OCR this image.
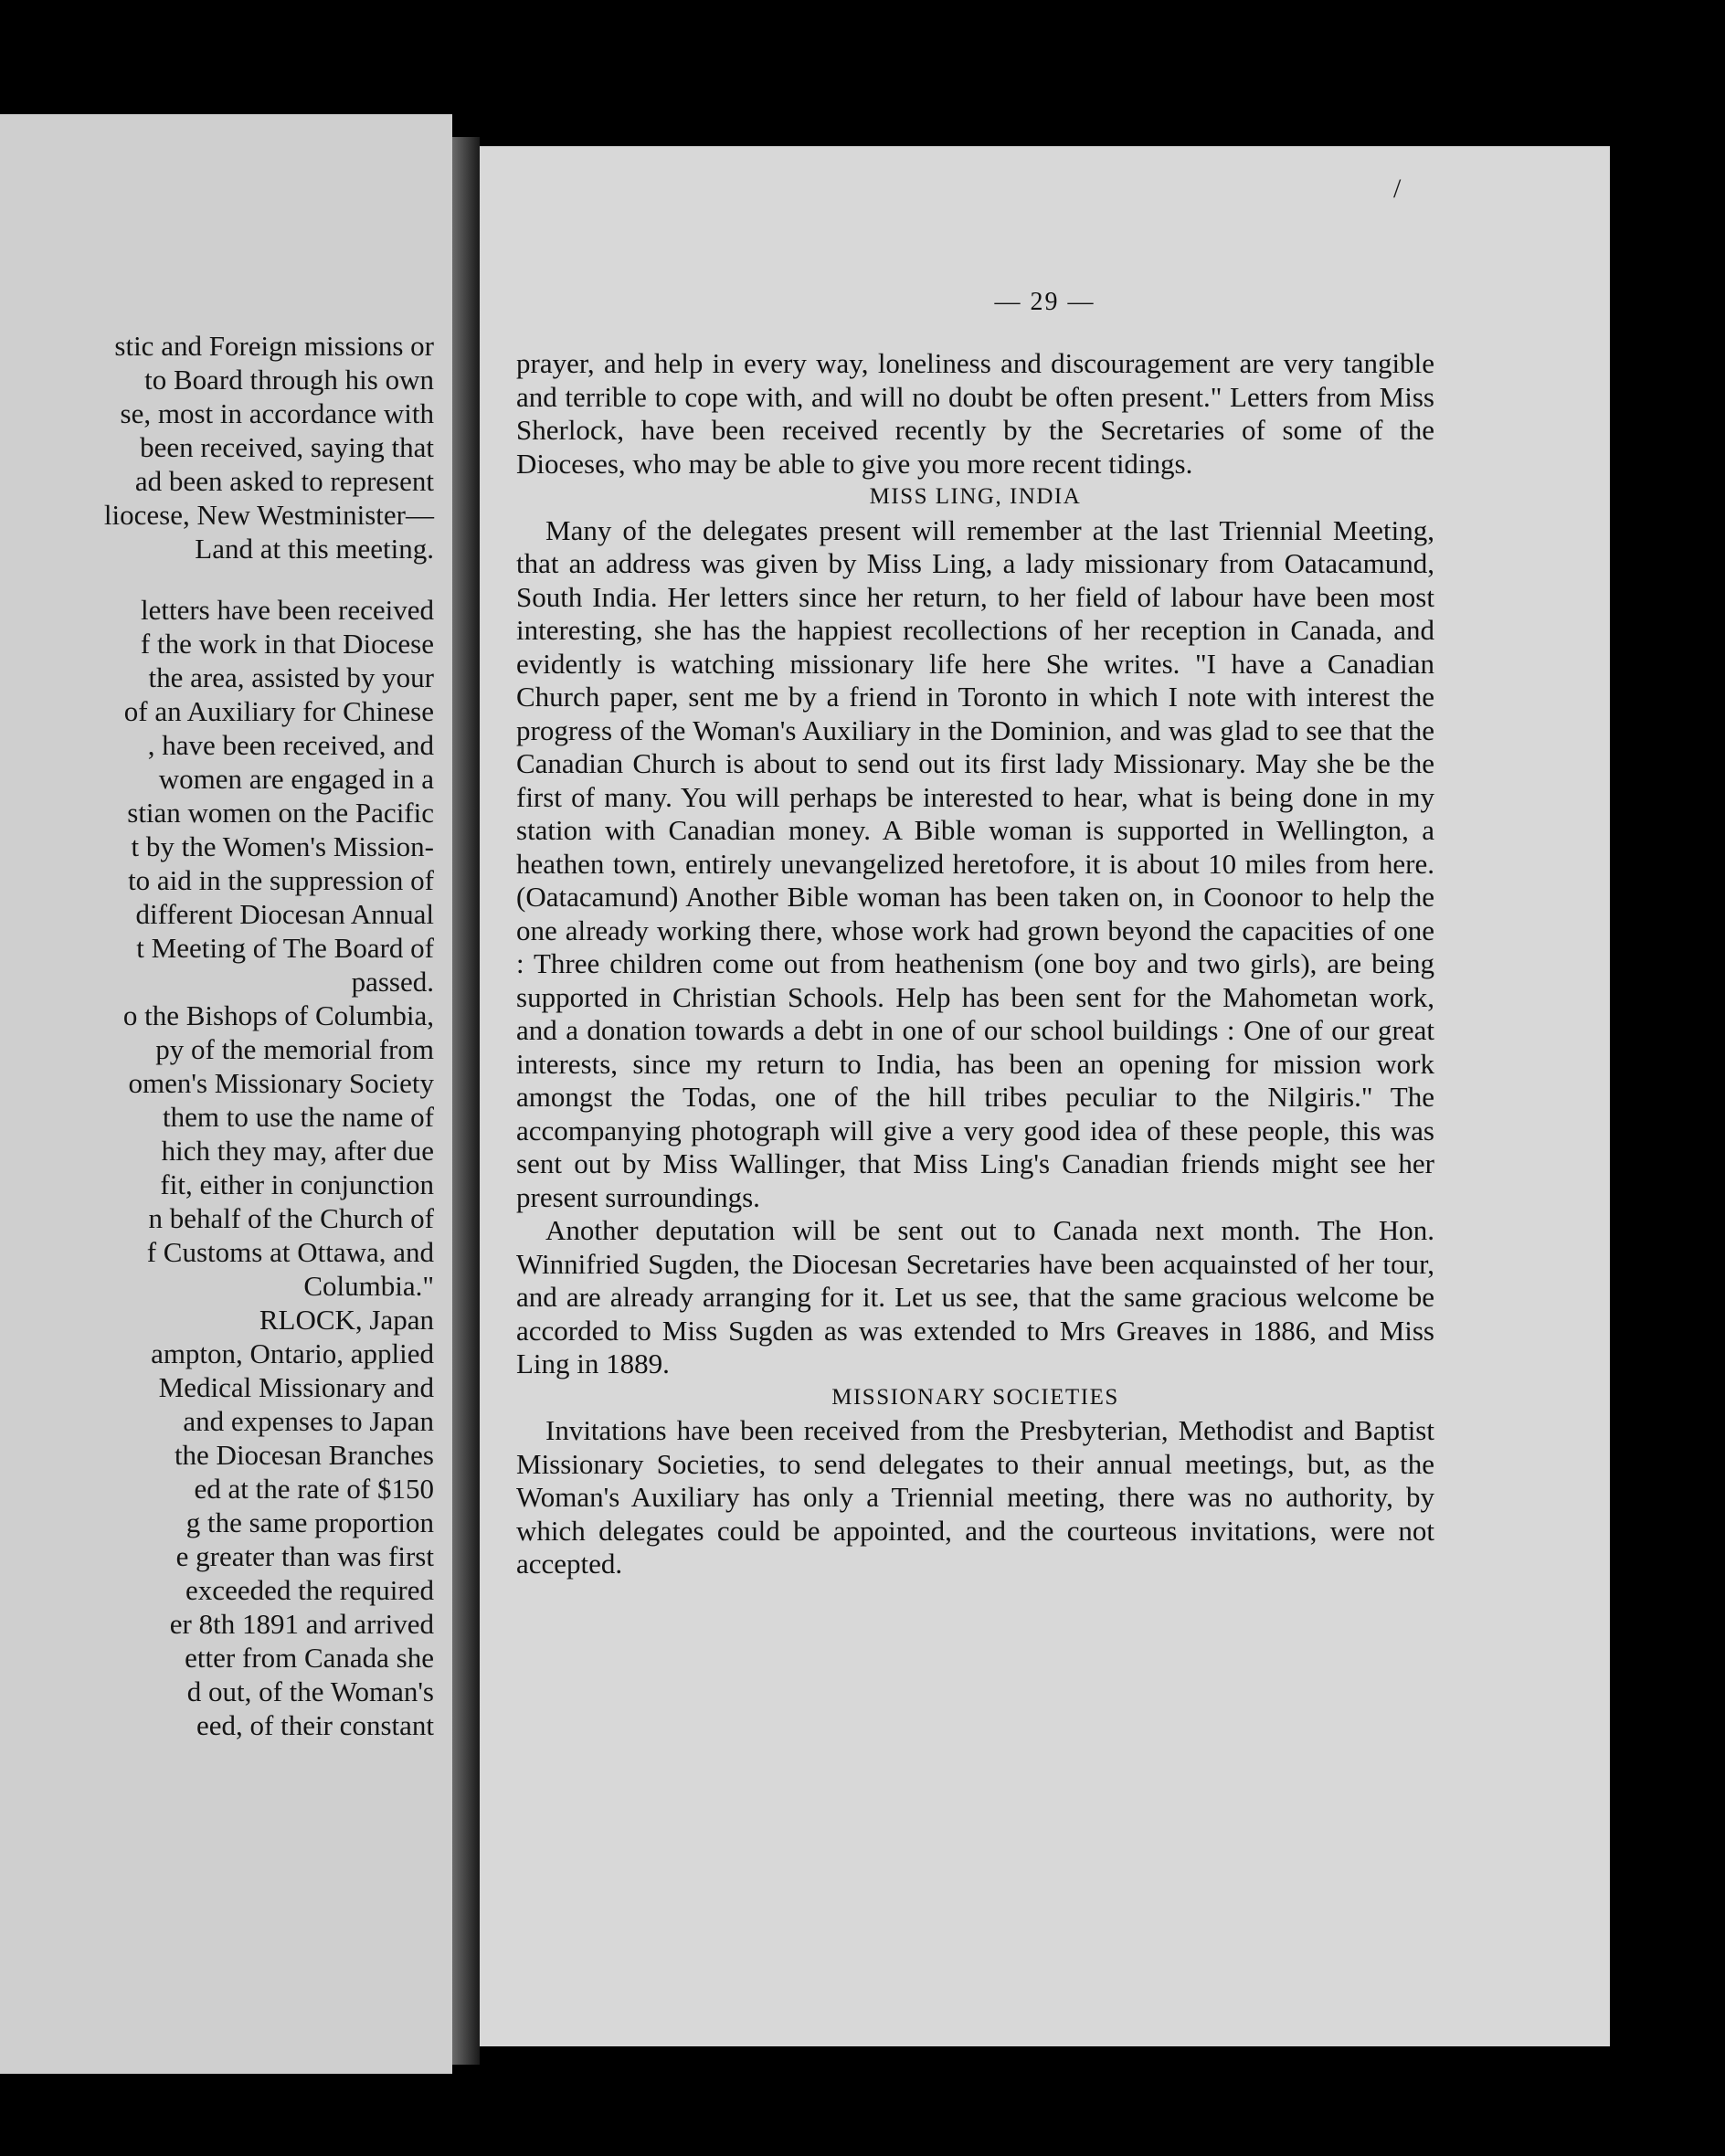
stic and Foreign missions or
to Board through his own
se, most in accordance with
been received, saying that
ad been asked to represent
liocese, New Westminister—
Land at this meeting.
letters have been received
f the work in that Diocese
the area, assisted by your
of an Auxiliary for Chinese
, have been received, and
women are engaged in a
stian women on the Pacific
t by the Women's Mission-
to aid in the suppression of
different Diocesan Annual
t Meeting of The Board of
passed.
o the Bishops of Columbia,
py of the memorial from
omen's Missionary Society
them to use the name of
hich they may, after due
fit, either in conjunction
n behalf of the Church of
f Customs at Ottawa, and
Columbia."
RLOCK, Japan
ampton, Ontario, applied
Medical Missionary and
and expenses to Japan
the Diocesan Branches
ed at the rate of $150
g the same proportion
e greater than was first
exceeded the required
er 8th 1891 and arrived
etter from Canada she
d out, of the Woman's
eed, of their constant
— 29 —
/

prayer, and help in every way, loneliness and discouragement are very tangible and terrible to cope with, and will no doubt be often present." Letters from Miss Sherlock, have been received recently by the Secretaries of some of the Dioceses, who may be able to give you more recent tidings.

MISS LING, INDIA

Many of the delegates present will remember at the last Triennial Meeting, that an address was given by Miss Ling, a lady missionary from Oatacamund, South India. Her letters since her return, to her field of labour have been most interesting, she has the happiest recollections of her reception in Canada, and evidently is watching missionary life here She writes. "I have a Canadian Church paper, sent me by a friend in Toronto in which I note with interest the progress of the Woman's Auxiliary in the Dominion, and was glad to see that the Canadian Church is about to send out its first lady Missionary. May she be the first of many. You will perhaps be interested to hear, what is being done in my station with Canadian money. A Bible woman is supported in Wellington, a heathen town, entirely unevangelized heretofore, it is about 10 miles from here. (Oatacamund) Another Bible woman has been taken on, in Coonoor to help the one already working there, whose work had grown beyond the capacities of one : Three children come out from heathenism (one boy and two girls), are being supported in Christian Schools. Help has been sent for the Mahometan work, and a donation towards a debt in one of our school buildings : One of our great interests, since my return to India, has been an opening for mission work amongst the Todas, one of the hill tribes peculiar to the Nilgiris." The accompanying photograph will give a very good idea of these people, this was sent out by Miss Wallinger, that Miss Ling's Canadian friends might see her present surroundings.

Another deputation will be sent out to Canada next month. The Hon. Winnifried Sugden, the Diocesan Secretaries have been acquainsted of her tour, and are already arranging for it. Let us see, that the same gracious welcome be accorded to Miss Sugden as was extended to Mrs Greaves in 1886, and Miss Ling in 1889.

MISSIONARY SOCIETIES

Invitations have been received from the Presbyterian, Methodist and Baptist Missionary Societies, to send delegates to their annual meetings, but, as the Woman's Auxiliary has only a Triennial meeting, there was no authority, by which delegates could be appointed, and the courteous invitations, were not accepted.
